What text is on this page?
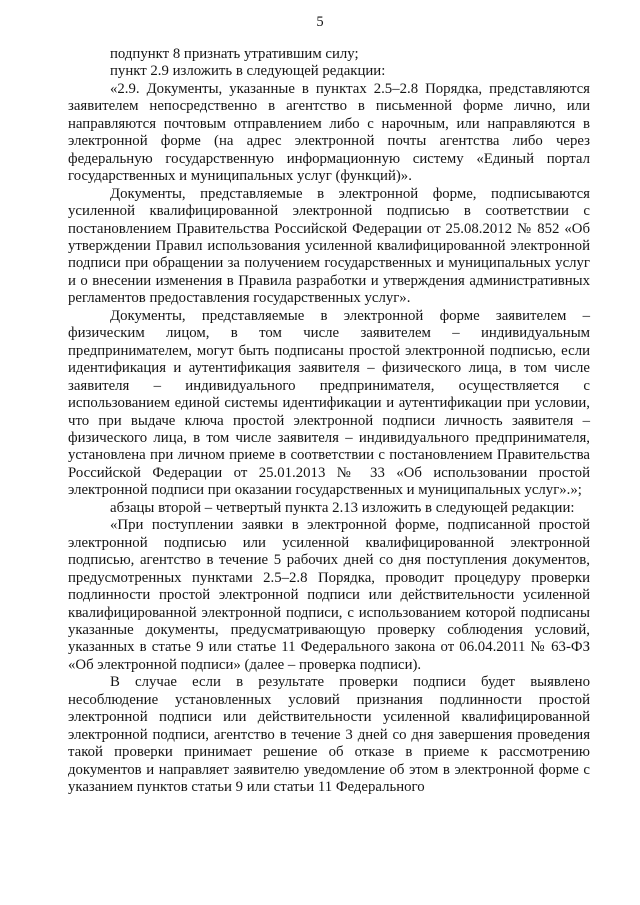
5

подпункт 8 признать утратившим силу;

пункт 2.9 изложить в следующей редакции:

«2.9. Документы, указанные в пунктах 2.5–2.8 Порядка, представляются заявителем непосредственно в агентство в письменной форме лично, или направляются почтовым отправлением либо с нарочным, или направляются в электронной форме (на адрес электронной почты агентства либо через федеральную государственную информационную систему «Единый портал государственных и муниципальных услуг (функций)».

Документы, представляемые в электронной форме, подписываются усиленной квалифицированной электронной подписью в соответствии с постановлением Правительства Российской Федерации от 25.08.2012 № 852 «Об утверждении Правил использования усиленной квалифицированной электронной подписи при обращении за получением государственных и муниципальных услуг и о внесении изменения в Правила разработки и утверждения административных регламентов предоставления государственных услуг».

Документы, представляемые в электронной форме заявителем – физическим лицом, в том числе заявителем – индивидуальным предпринимателем, могут быть подписаны простой электронной подписью, если идентификация и аутентификация заявителя – физического лица, в том числе заявителя – индивидуального предпринимателя, осуществляется с использованием единой системы идентификации и аутентификации при условии, что при выдаче ключа простой электронной подписи личность заявителя – физического лица, в том числе заявителя – индивидуального предпринимателя, установлена при личном приеме в соответствии с постановлением Правительства Российской Федерации от 25.01.2013 № 33 «Об использовании простой электронной подписи при оказании государственных и муниципальных услуг».»;

абзацы второй – четвертый пункта 2.13 изложить в следующей редакции:

«При поступлении заявки в электронной форме, подписанной простой электронной подписью или усиленной квалифицированной электронной подписью, агентство в течение 5 рабочих дней со дня поступления документов, предусмотренных пунктами 2.5–2.8 Порядка, проводит процедуру проверки подлинности простой электронной подписи или действительности усиленной квалифицированной электронной подписи, с использованием которой подписаны указанные документы, предусматривающую проверку соблюдения условий, указанных в статье 9 или статье 11 Федерального закона от 06.04.2011 № 63-ФЗ «Об электронной подписи» (далее – проверка подписи).

В случае если в результате проверки подписи будет выявлено несоблюдение установленных условий признания подлинности простой электронной подписи или действительности усиленной квалифицированной электронной подписи, агентство в течение 3 дней со дня завершения проведения такой проверки принимает решение об отказе в приеме к рассмотрению документов и направляет заявителю уведомление об этом в электронной форме с указанием пунктов статьи 9 или статьи 11 Федерального
